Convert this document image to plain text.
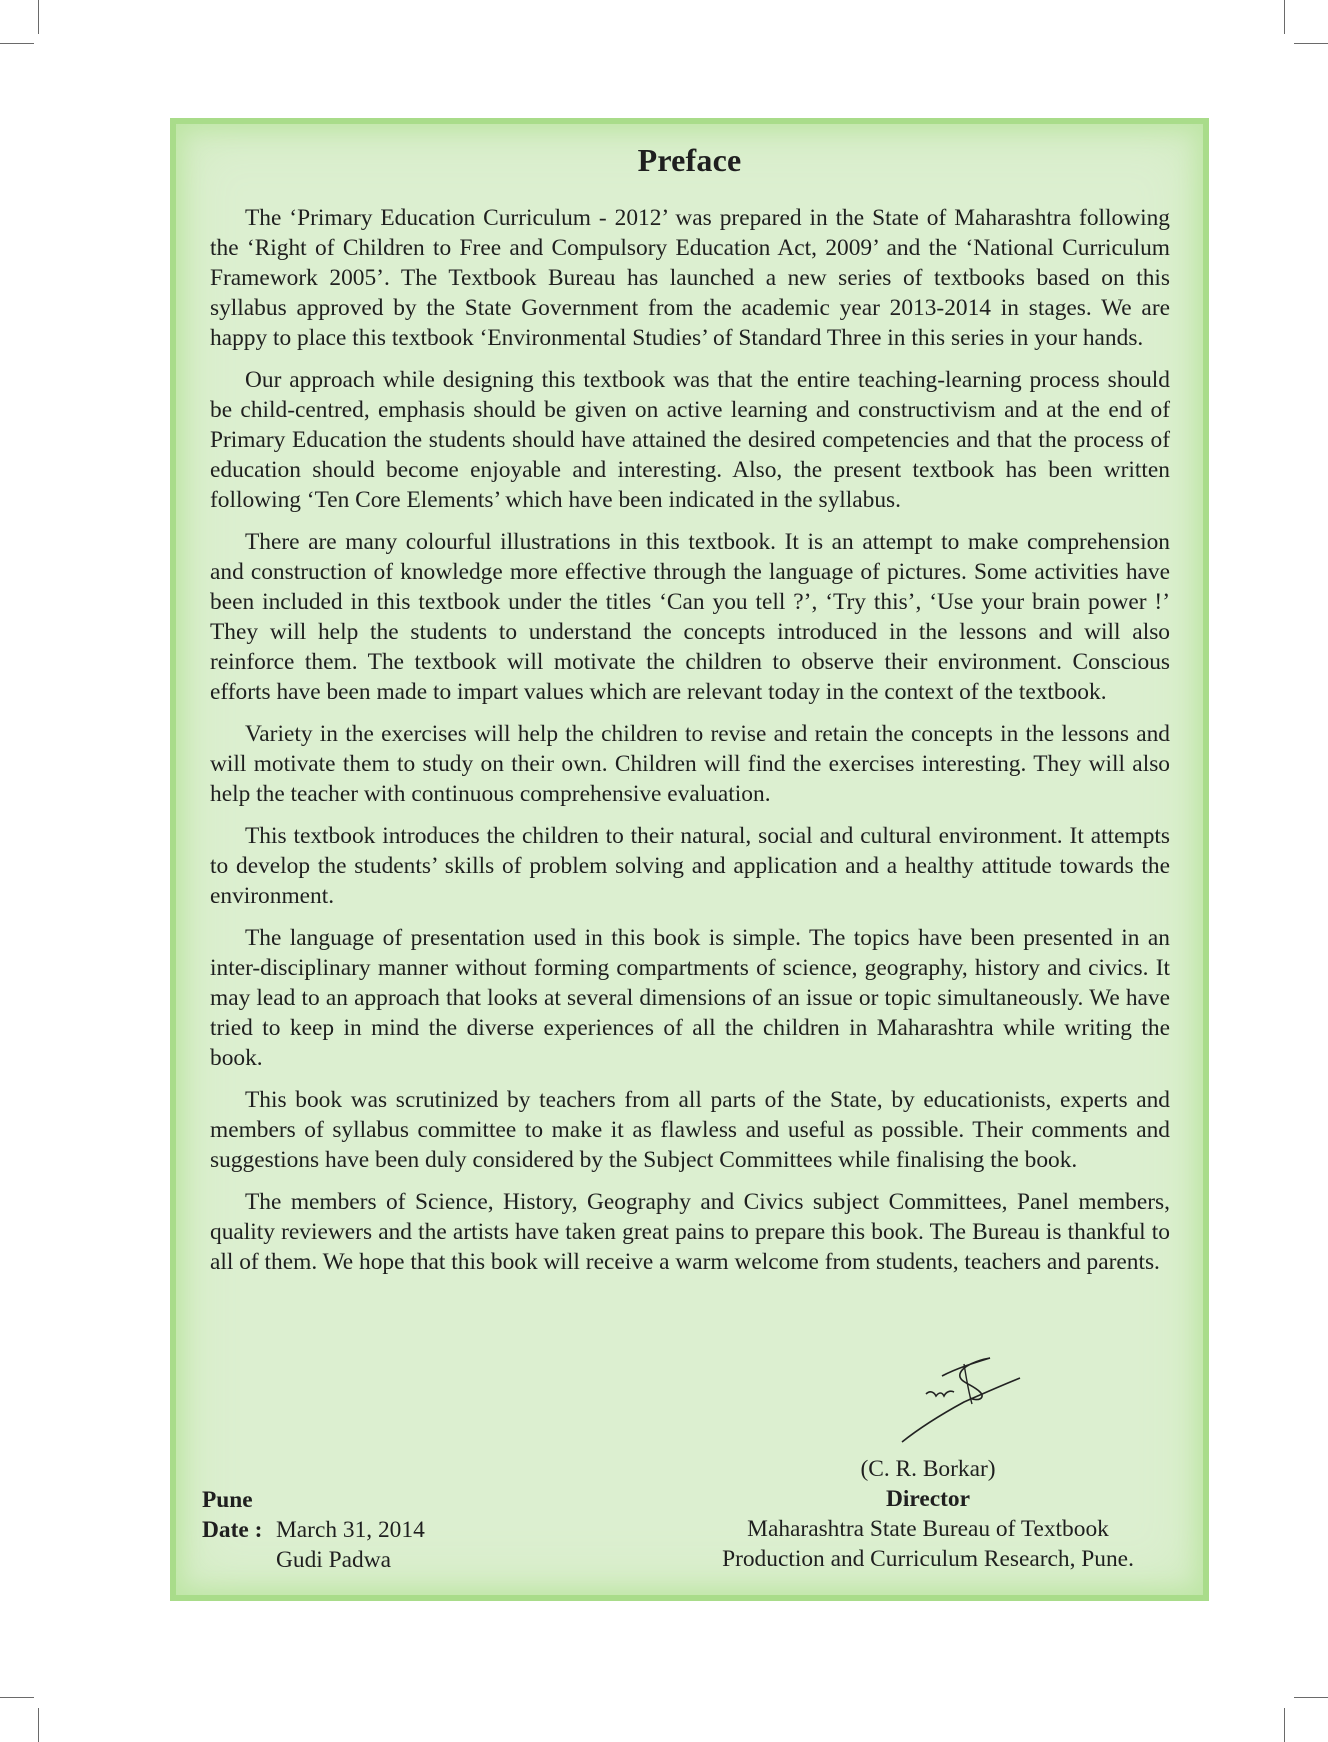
Preface

The ‘Primary Education Curriculum - 2012’ was prepared in the State of Maharashtra following the ‘Right of Children to Free and Compulsory Education Act, 2009’ and the ‘National Curriculum Framework 2005’. The Textbook Bureau has launched a new series of textbooks based on this syllabus approved by the State Government from the academic year 2013-2014 in stages. We are happy to place this textbook ‘Environmental Studies’ of Standard Three in this series in your hands.

Our approach while designing this textbook was that the entire teaching-learning process should be child-centred, emphasis should be given on active learning and constructivism and at the end of Primary Education the students should have attained the desired competencies and that the process of education should become enjoyable and interesting. Also, the present textbook has been written following ‘Ten Core Elements’ which have been indicated in the syllabus.

There are many colourful illustrations in this textbook. It is an attempt to make comprehension and construction of knowledge more effective through the language of pictures. Some activities have been included in this textbook under the titles ‘Can you tell ?’, ‘Try this’, ‘Use your brain power !’ They will help the students to understand the concepts introduced in the lessons and will also reinforce them. The textbook will motivate the children to observe their environment. Conscious efforts have been made to impart values which are relevant today in the context of the textbook.

Variety in the exercises will help the children to revise and retain the concepts in the lessons and will motivate them to study on their own. Children will find the exercises interesting. They will also help the teacher with continuous comprehensive evaluation.

This textbook introduces the children to their natural, social and cultural environment. It attempts to develop the students’ skills of problem solving and application and a healthy attitude towards the environment.

The language of presentation used in this book is simple. The topics have been presented in an inter-disciplinary manner without forming compartments of science, geography, history and civics. It may lead to an approach that looks at several dimensions of an issue or topic simultaneously. We have tried to keep in mind the diverse experiences of all the children in Maharashtra while writing the book.

This book was scrutinized by teachers from all parts of the State, by educationists, experts and members of syllabus committee to make it as flawless and useful as possible. Their comments and suggestions have been duly considered by the Subject Committees while finalising the book.

The members of Science, History, Geography and Civics subject Committees, Panel members, quality reviewers and the artists have taken great pains to prepare this book. The Bureau is thankful to all of them. We hope that this book will receive a warm welcome from students, teachers and parents.

(C. R. Borkar)
Director
Maharashtra State Bureau of Textbook
Production and Curriculum Research, Pune.
Pune
Date : March 31, 2014
Gudi Padwa
